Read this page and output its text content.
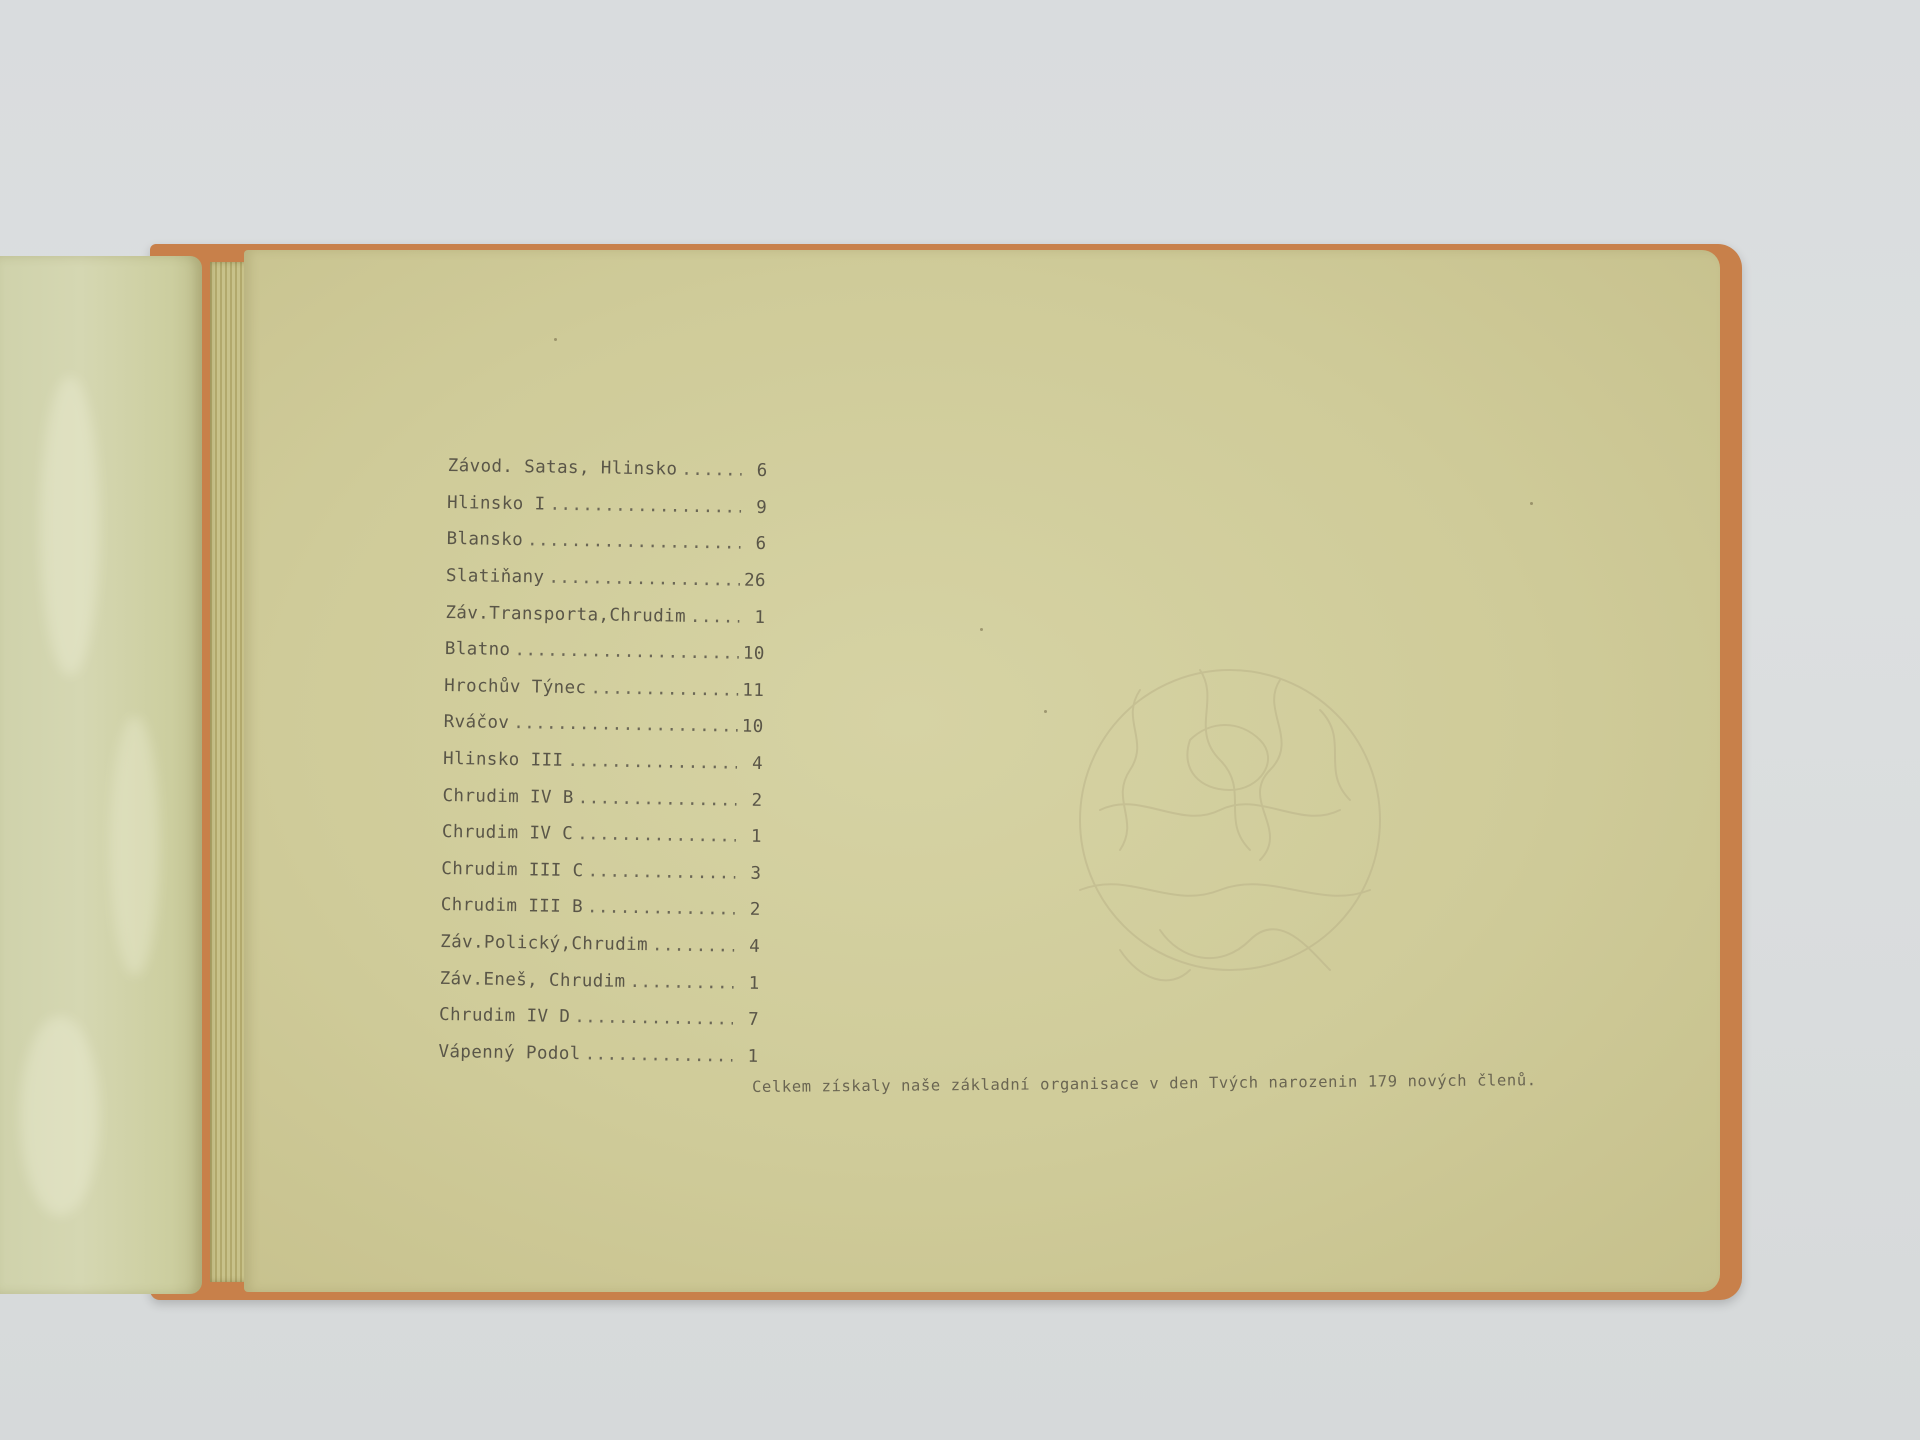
Závod. Satas, Hlinsko .....	6
Hlinsko I .....	9
Blansko .....	6
Slatiňany .....	26
Záv.Transporta,Chrudim .....	1
Blatno .....	10
Hrochův Týnec .....	11
Rváčov .....	10
Hlinsko III .....	4
Chrudim IV B .....	2
Chrudim IV C .....	1
Chrudim III C .....	3
Chrudim III B .....	2
Záv.Polický,Chrudim .....	4
Záv.Eneš, Chrudim .....	1
Chrudim IV D .....	7
Vápenný Podol .....	1
Celkem získaly naše základní organisace v den Tvých narozenin 179 nových členů.
